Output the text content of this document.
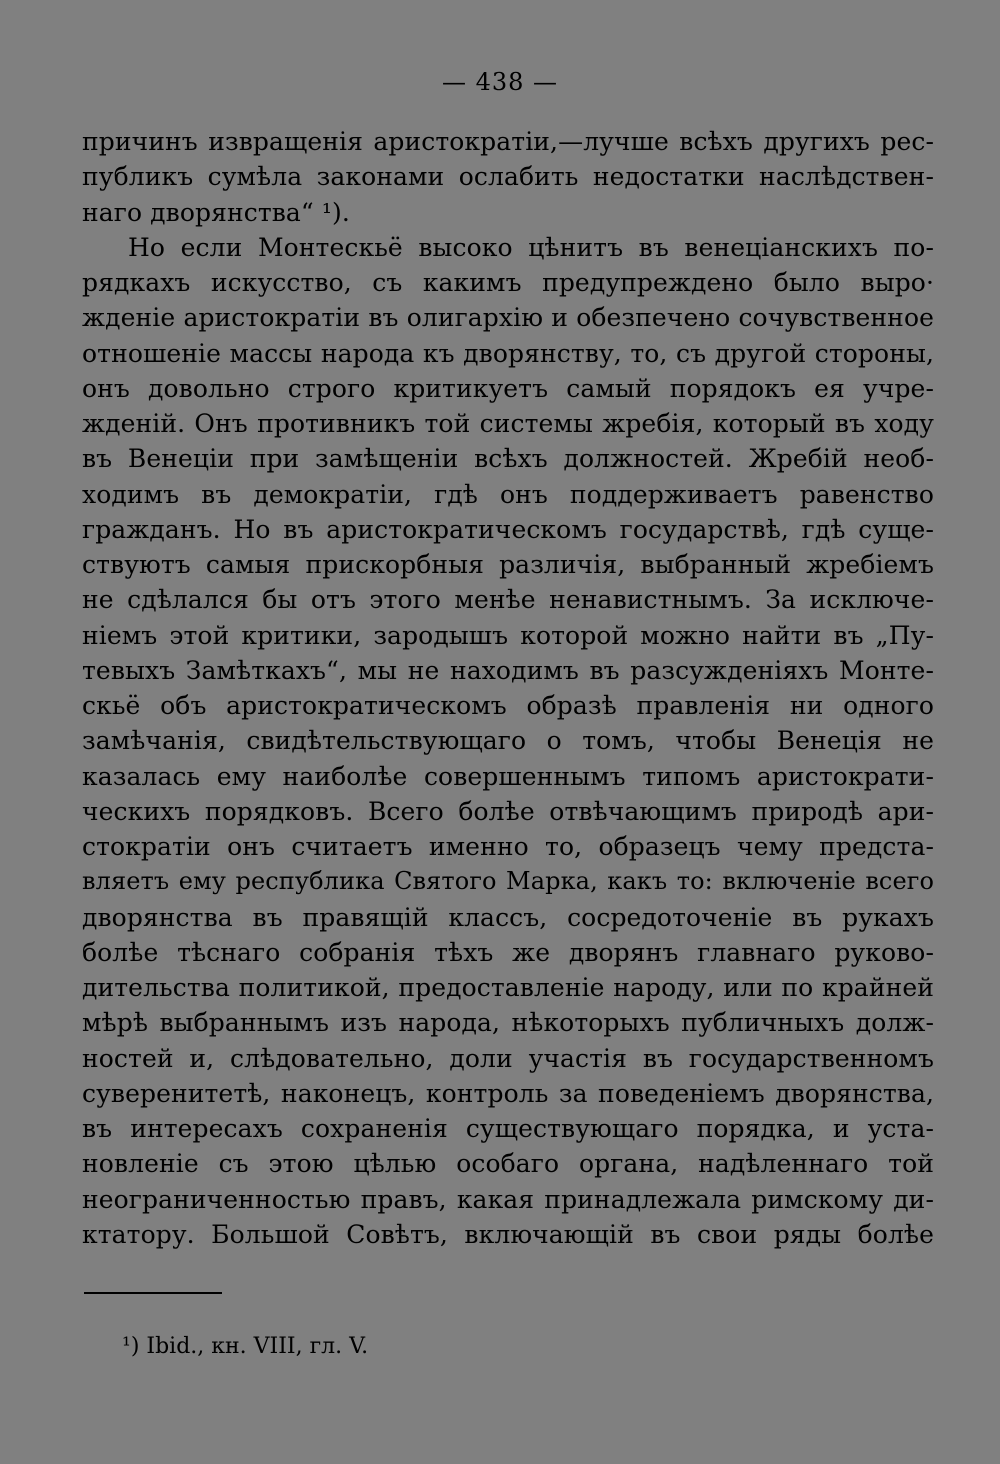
— 438 —
причинъ извращенія аристократіи,—лучше всѣхъ другихъ рес-
публикъ сумѣла законами ослабить недостатки наслѣдствен-
наго дворянства“ ¹).
Но если Монтескьё высоко цѣнитъ въ венеціанскихъ по-
рядкахъ искусство, съ какимъ предупреждено было выро·
жденіе аристократіи въ олигархію и обезпечено сочувственное
отношеніе массы народа къ дворянству, то, съ другой стороны,
онъ довольно строго критикуетъ самый порядокъ ея учре-
жденій. Онъ противникъ той системы жребія, который въ ходу
въ Венеціи при замѣщеніи всѣхъ должностей. Жребій необ-
ходимъ въ демократіи, гдѣ онъ поддерживаетъ равенство
гражданъ. Но въ аристократическомъ государствѣ, гдѣ суще-
ствуютъ самыя прискорбныя различія, выбранный жребіемъ
не сдѣлался бы отъ этого менѣе ненавистнымъ. За исключе-
ніемъ этой критики, зародышъ которой можно найти въ „Пу-
тевыхъ Замѣткахъ“, мы не находимъ въ разсужденіяхъ Монте-
скьё объ аристократическомъ образѣ правленія ни одного
замѣчанія, свидѣтельствующаго о томъ, чтобы Венеція не
казалась ему наиболѣе совершеннымъ типомъ аристократи-
ческихъ порядковъ. Всего болѣе отвѣчающимъ природѣ ари-
стократіи онъ считаетъ именно то, образецъ чему предста-
вляетъ ему республика Святого Марка, какъ то: включеніе всего
дворянства въ правящій классъ, сосредоточеніе въ рукахъ
болѣе тѣснаго собранія тѣхъ же дворянъ главнаго руково-
дительства политикой, предоставленіе народу, или по крайней
мѣрѣ выбраннымъ изъ народа, нѣкоторыхъ публичныхъ долж-
ностей и, слѣдовательно, доли участія въ государственномъ
суверенитетѣ, наконецъ, контроль за поведеніемъ дворянства,
въ интересахъ сохраненія существующаго порядка, и уста-
новленіе съ этою цѣлью особаго органа, надѣленнаго той
неограниченностью правъ, какая принадлежала римскому ди-
ктатору. Большой Совѣтъ, включающій въ свои ряды болѣе
¹) Ibid., кн. VIII, гл. V.
